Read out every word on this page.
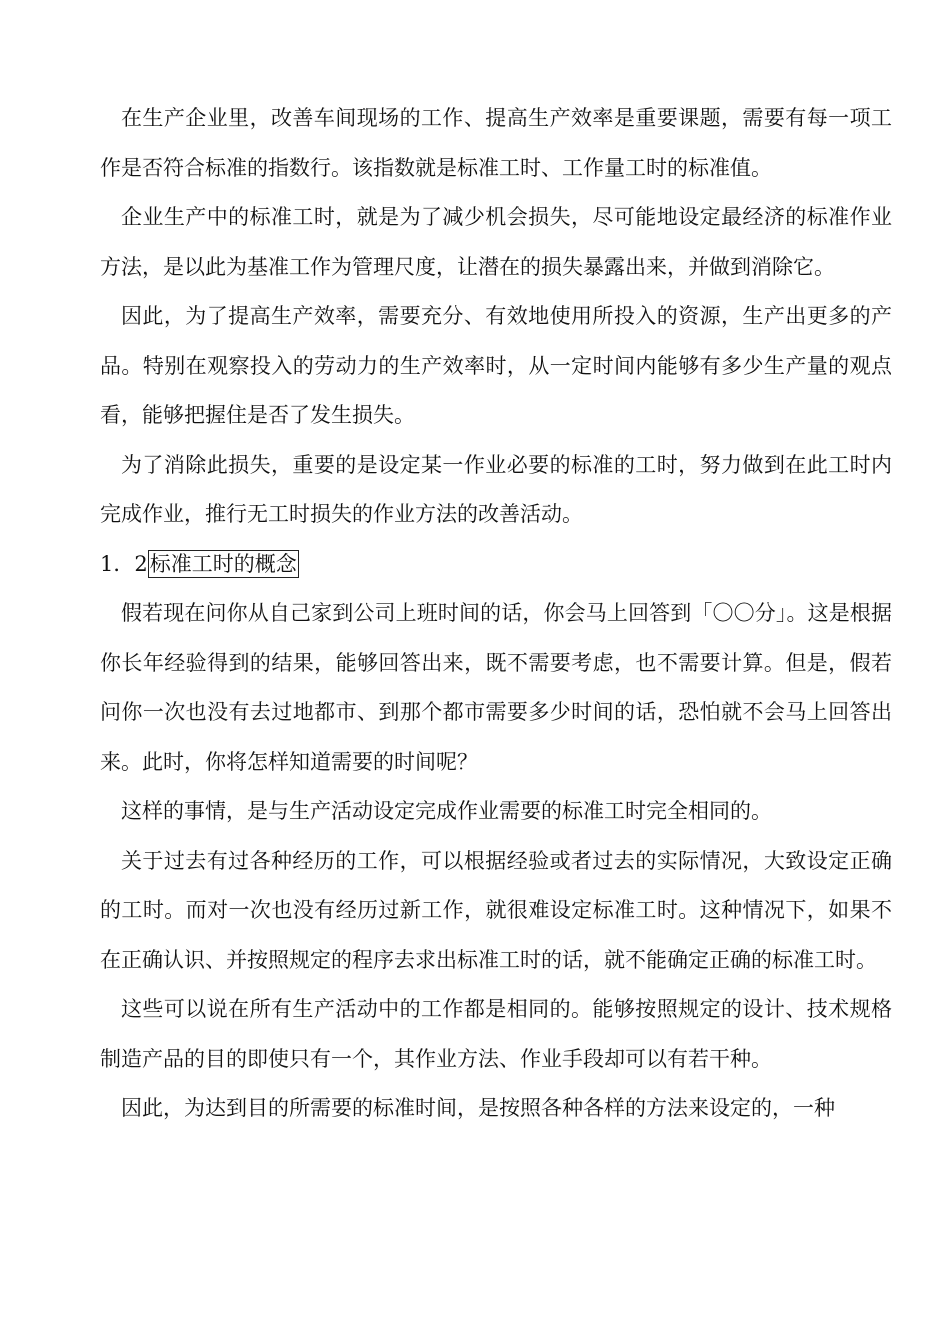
在生产企业里，改善车间现场的工作、提高生产效率是重要课题，需要有每一项工作是否符合标准的指数行。该指数就是标准工时、工作量工时的标准值。

企业生产中的标准工时，就是为了减少机会损失，尽可能地设定最经济的标准作业方法，是以此为基准工作为管理尺度，让潜在的损失暴露出来，并做到消除它。

因此，为了提高生产效率，需要充分、有效地使用所投入的资源，生产出更多的产品。特别在观察投入的劳动力的生产效率时，从一定时间内能够有多少生产量的观点看，能够把握住是否了发生损失。

为了消除此损失，重要的是设定某一作业必要的标准的工时，努力做到在此工时内完成作业，推行无工时损失的作业方法的改善活动。

1．2标准工时的概念

假若现在问你从自己家到公司上班时间的话，你会马上回答到「〇〇分」。这是根据你长年经验得到的结果，能够回答出来，既不需要考虑，也不需要计算。但是，假若问你一次也没有去过地都市、到那个都市需要多少时间的话，恐怕就不会马上回答出来。此时，你将怎样知道需要的时间呢？

这样的事情，是与生产活动设定完成作业需要的标准工时完全相同的。

关于过去有过各种经历的工作，可以根据经验或者过去的实际情况，大致设定正确的工时。而对一次也没有经历过新工作，就很难设定标准工时。这种情况下，如果不在正确认识、并按照规定的程序去求出标准工时的话，就不能确定正确的标准工时。

这些可以说在所有生产活动中的工作都是相同的。能够按照规定的设计、技术规格制造产品的目的即使只有一个，其作业方法、作业手段却可以有若干种。

因此，为达到目的所需要的标准时间，是按照各种各样的方法来设定的，一种
